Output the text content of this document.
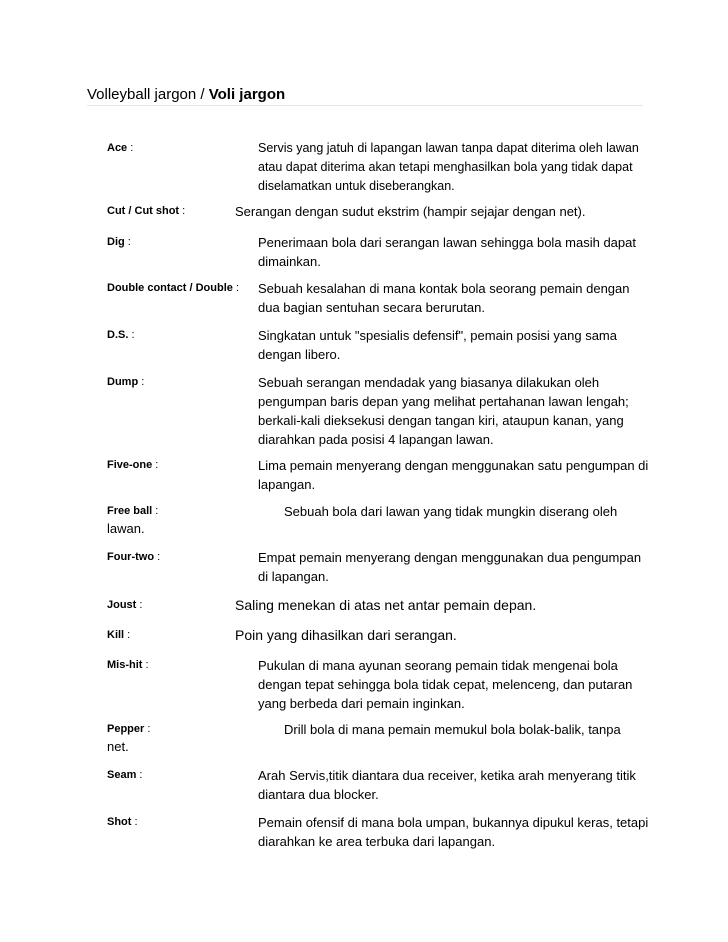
Volleyball jargon / Voli jargon
Ace :	Servis yang jatuh di lapangan lawan tanpa dapat diterima oleh lawan atau dapat diterima akan tetapi menghasilkan bola yang tidak dapat diselamatkan untuk diseberangkan.
Cut / Cut shot :	Serangan dengan sudut ekstrim (hampir sejajar dengan net).
Dig :	Penerimaan bola dari serangan lawan sehingga bola masih dapat dimainkan.
Double contact / Double : Sebuah kesalahan di mana kontak bola seorang pemain dengan dua bagian sentuhan secara berurutan.
D.S. :	Singkatan untuk "spesialis defensif", pemain posisi yang sama dengan libero.
Dump :	Sebuah serangan mendadak yang biasanya dilakukan oleh pengumpan baris depan yang melihat pertahanan lawan lengah; berkali-kali dieksekusi dengan tangan kiri, ataupun kanan, yang diarahkan pada posisi 4 lapangan lawan.
Five-one :	Lima pemain menyerang dengan menggunakan satu pengumpan di lapangan.
Free ball :	Sebuah bola dari lawan yang tidak mungkin diserang oleh
lawan.
Four-two :	Empat pemain menyerang dengan menggunakan dua pengumpan di lapangan.
Joust :	Saling menekan di atas net antar pemain depan.
Kill :	Poin yang dihasilkan dari serangan.
Mis-hit :	Pukulan di mana ayunan seorang pemain tidak mengenai bola dengan tepat sehingga bola tidak cepat, melenceng, dan putaran yang berbeda dari pemain inginkan.
Pepper :	Drill bola di mana pemain memukul bola bolak-balik, tanpa
net.
Seam :	Arah Servis,titik diantara dua receiver, ketika arah menyerang titik diantara dua blocker.
Shot :	Pemain ofensif di mana bola umpan, bukannya dipukul keras, tetapi diarahkan ke area terbuka dari lapangan.
